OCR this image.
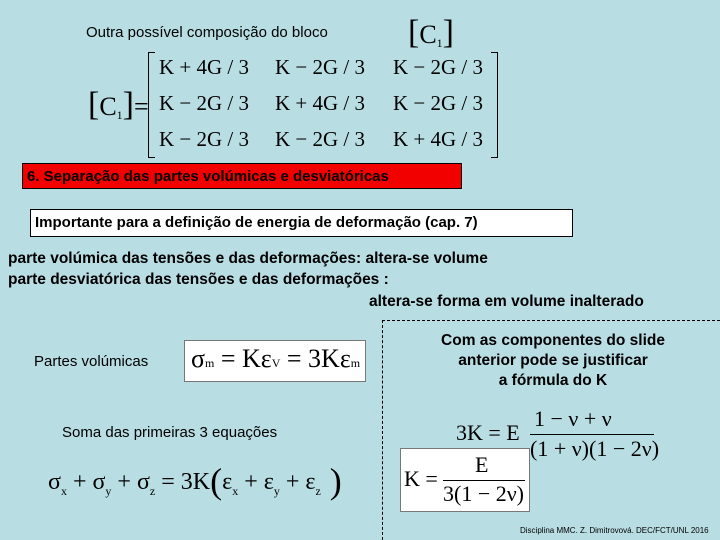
Outra possível composição do bloco $[C_1]$
$[C_1]=$
K + 4G / 3 K − 2G / 3 K − 2G / 3
K − 2G / 3 K + 4G / 3 K − 2G / 3
K − 2G / 3 K − 2G / 3 K + 4G / 3
6. Separação das partes volúmicas e desviatóricas
Importante para a definição de energia de deformação (cap. 7)
parte volúmica das tensões e das deformações: altera-se volume
parte desviatórica das tensões e das deformações :
altera-se forma em volume inalterado
Partes volúmicas σm = KεV = 3Kεm
Com as componentes do slide
anterior pode se justificar
a fórmula do K
Soma das primeiras 3 equações
$\sigma_x + \sigma_y + \sigma_z = 3K(\varepsilon_x + \varepsilon_y + \varepsilon_z$ )
3K = E
1 − ν + ν
(1 + ν)(1 − 2ν)
K =
E
3(1 − 2ν)
Disciplina MMC. Z. Dimitrovová. DEC/FCT/UNL 2016
